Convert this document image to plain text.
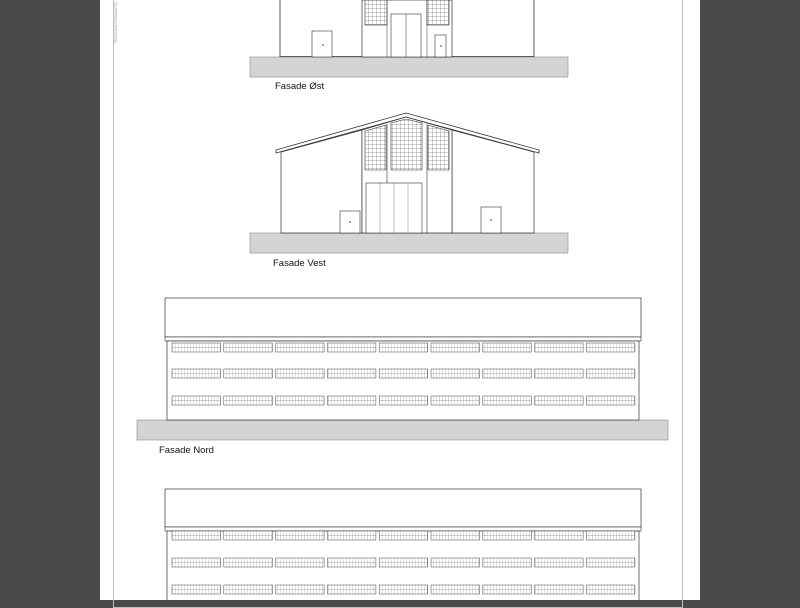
TEGNINGSNR/DATO
Fasade Øst
Fasade Vest
Fasade Nord
